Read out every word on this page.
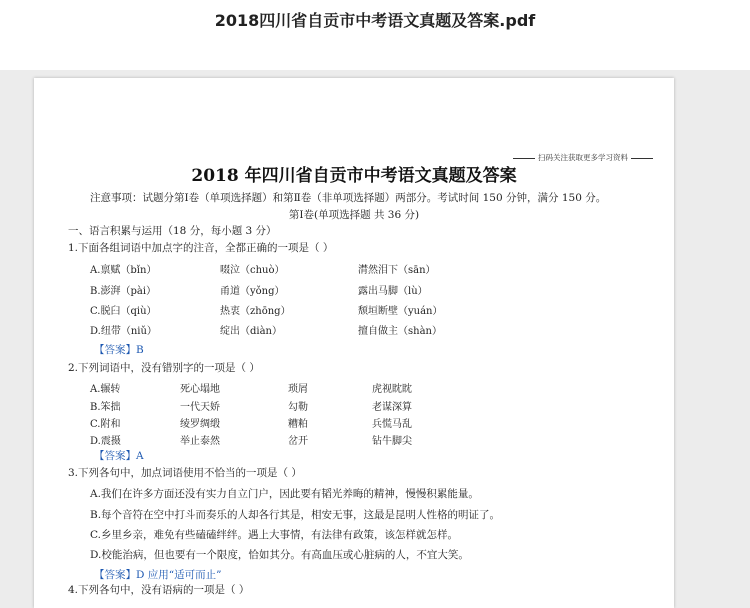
2018四川省自贡市中考语文真题及答案.pdf
扫码关注获取更多学习资料
2018 年四川省自贡市中考语文真题及答案
注意事项：试题分第Ⅰ卷（单项选择题）和第Ⅱ卷（非单项选择题）两部分。考试时间 150 分钟，满分 150 分。
第Ⅰ卷(单项选择题 共 36 分)
一、语言积累与运用（18 分，每小题 3 分）
1.下面各组词语中加点字的注音，全都正确的一项是（ ）
A.禀赋（bǐn）	啜泣（chuò）	潸然泪下（sān）
B.澎湃（pài）	甬道（yǒng）	露出马脚（lù）
C.脱臼（qiù）	热衷（zhōng）	颓垣断壁（yuán）
D.纽带（niǔ）	绽出（diàn）	擅自做主（shàn）
【答案】B
2.下列词语中，没有错别字的一项是（ ）
A.辗转	死心塌地	琐屑	虎视眈眈
B.笨拙	一代天娇	勾勒	老谋深算
C.附和	绫罗绸缎	糟粕	兵慌马乱
D.震摄	举止泰然	岔开	钻牛脚尖
【答案】A
3.下列各句中，加点词语使用不恰当的一项是（ ）
A.我们在许多方面还没有实力自立门户，因此要有韬光养晦的精神，慢慢积累能量。
B.每个音符在空中打斗而奏乐的人却各行其是，相安无事，这最是昆明人性格的明证了。
C.乡里乡亲，难免有些磕磕绊绊。遇上大事情，有法律有政策，该怎样就怎样。
D.校能治病，但也要有一个限度，恰如其分。有高血压或心脏病的人，不宜大笑。
【答案】D 应用“适可而止”
4.下列各句中，没有语病的一项是（ ）
